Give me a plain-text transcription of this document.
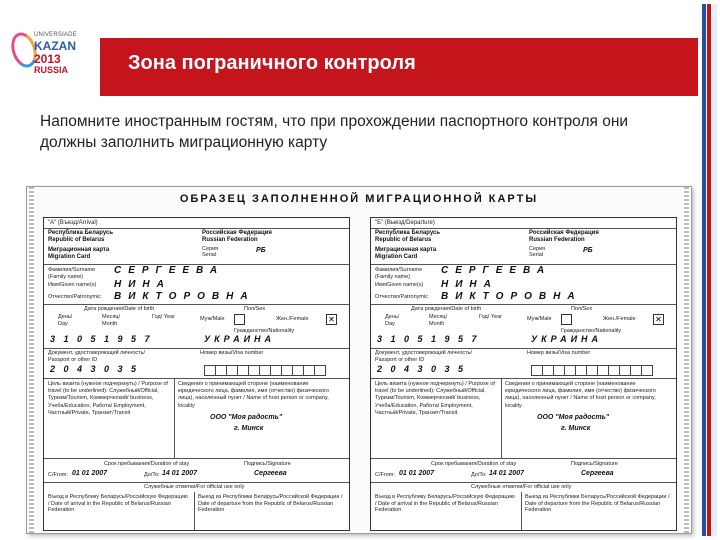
UNIVERSIADE
KAZAN
2013
RUSSIA	Зона пограничного контроля
Напомните иностранным гостям, что при прохождении паспортного контроля они должны заполнить миграционную карту
ОБРАЗЕЦ ЗАПОЛНЕННОЙ МИГРАЦИОННОЙ КАРТЫ
"А" (Въезд/Arrival)
Республика Беларусь
Republic of Belarus
Российская Федерация
Russian Federation
Серия
Serial
РБ
Миграционная карта
Migration Card
Фамилия/Surname (Family name)
СЕРГЕЕВА
Имя/Given name(s) НИНА
Отчество/Patronymic ВИКТОРОВНА
Дата рождения/Date of birth	Пол/Sex
День/ Day
Месяц/ Month
Год/ Year	Муж/Male	Жен./Female ✕
Гражданство/Nationality
3 1 0 5 1 9 5 7	УКРАИНА
Документ, удостоверяющий личность/ Passport or other ID
Номер визы/Visa number
2 0 4 3 0 3 5
Цель визита (нужное подчеркнуть) / Purpose of travel (to be underlined): Служебный/Official, Туризм/Tourism, Коммерческий/ business, Учеба/Education, Работа/ Employment, Частный/Private, Транзит/Transit
Сведения о принимающей стороне (наименование юридического лица, фамилия, имя (отчество) физического лица), населенный пункт / Name of host person or company, locality
ООО "Моя радость"
г. Минск
Срок пребывания/Duration of stay	Подпись/Signature
С/From: 01 01 2007	До/To: 14 01 2007	Сергеева
Служебные отметки/For official use only
Въезд в Республику Беларусь/Российскую Федерацию / Date of arrival in the Republic of Belarus/Russian Federation
Выезд из Республики Беларусь/Российской Федерации / Date of departure from the Republic of Belarus/Russian Federation
"Б" (Выезд/Departure)
Республика Беларусь
Republic of Belarus
Российская Федерация
Russian Federation
Серия
Serial
РБ
Миграционная карта
Migration Card
Фамилия/Surname (Family name)
СЕРГЕЕВА
Имя/Given name(s) НИНА
Отчество/Patronymic ВИКТОРОВНА
Дата рождения/Date of birth	Пол/Sex
День/ Day
Месяц/ Month
Год/ Year	Муж/Male	Жен./Female ✕
Гражданство/Nationality
3 1 0 5 1 9 5 7	УКРАИНА
Документ, удостоверяющий личность/ Passport or other ID
Номер визы/Visa number
2 0 4 3 0 3 5
Цель визита (нужное подчеркнуть) / Purpose of travel (to be underlined): Служебный/Official, Туризм/Tourism, Коммерческий/ business, Учеба/Education, Работа/ Employment, Частный/Private, Транзит/Transit
Сведения о принимающей стороне (наименование юридического лица, фамилия, имя (отчество) физического лица), населенный пункт / Name of host person or company, locality
ООО "Моя радость"
г. Минск
Срок пребывания/Duration of stay	Подпись/Signature
С/From: 01 01 2007	До/To: 14 01 2007	Сергеева
Служебные отметки/For official use only
Въезд в Республику Беларусь/Российскую Федерацию / Date of arrival in the Republic of Belarus/Russian Federation
Выезд из Республики Беларусь/Российской Федерации / Date of departure from the Republic of Belarus/Russian Federation
